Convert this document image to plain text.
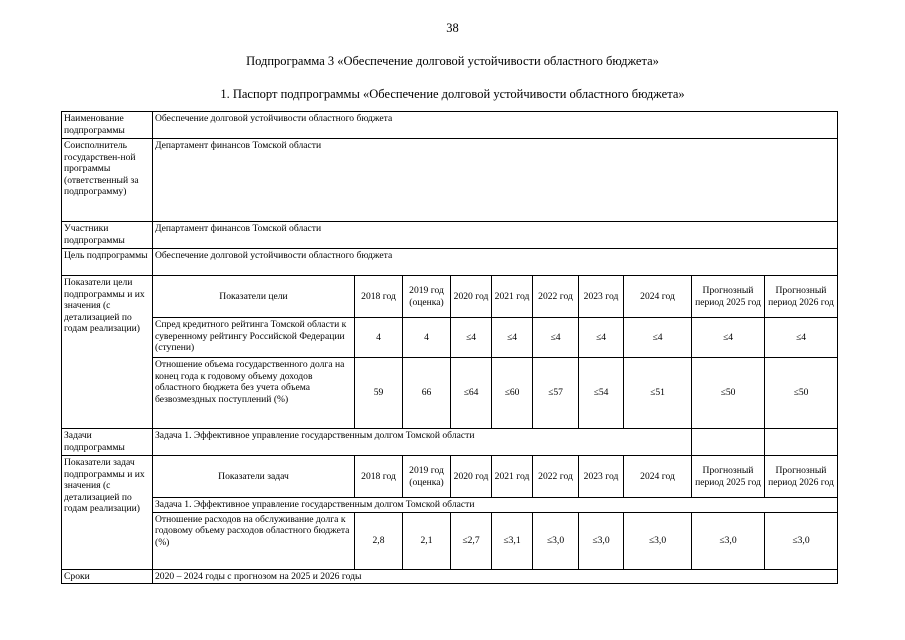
38
Подпрограмма 3 «Обеспечение долговой устойчивости областного бюджета»
1. Паспорт подпрограммы «Обеспечение долговой устойчивости областного бюджета»
Наименование подпрограммы	Обеспечение долговой устойчивости областного бюджета									
Соисполнитель государствен-ной программы (ответственный за подпрограмму)	Департамент финансов Томской области									
Участники подпрограммы	Департамент финансов Томской области									
Цель подпрограммы	Обеспечение долговой устойчивости областного бюджета									
Показатели цели подпрограммы и их значения (с детализацией по годам реализации)	Показатели цели	2018 год	2019 год (оценка)	2020 год	2021 год	2022 год	2023 год	2024 год	Прогнозный период 2025 год	Прогнозный период 2026 год
	Спред кредитного рейтинга Томской области к суверенному рейтингу Российской Федерации (ступени)	4	4	≤4	≤4	≤4	≤4	≤4	≤4	≤4
	Отношение объема государственного долга на конец года к годовому объему доходов областного бюджета без учета объема безвозмездных поступлений (%)	59	66	≤64	≤60	≤57	≤54	≤51	≤50	≤50
Задачи подпрограммы	Задача 1. Эффективное управление государственным долгом Томской области									
Показатели задач подпрограммы и их значения (с детализацией по годам реализации)	Показатели задач	2018 год	2019 год (оценка)	2020 год	2021 год	2022 год	2023 год	2024 год	Прогнозный период 2025 год	Прогнозный период 2026 год
	Задача 1. Эффективное управление государственным долгом Томской области									
	Отношение расходов на обслуживание долга к годовому объему расходов областного бюджета (%)	2,8	2,1	≤2,7	≤3,1	≤3,0	≤3,0	≤3,0	≤3,0	≤3,0
Сроки	2020 – 2024 годы с прогнозом на 2025 и 2026 годы									
